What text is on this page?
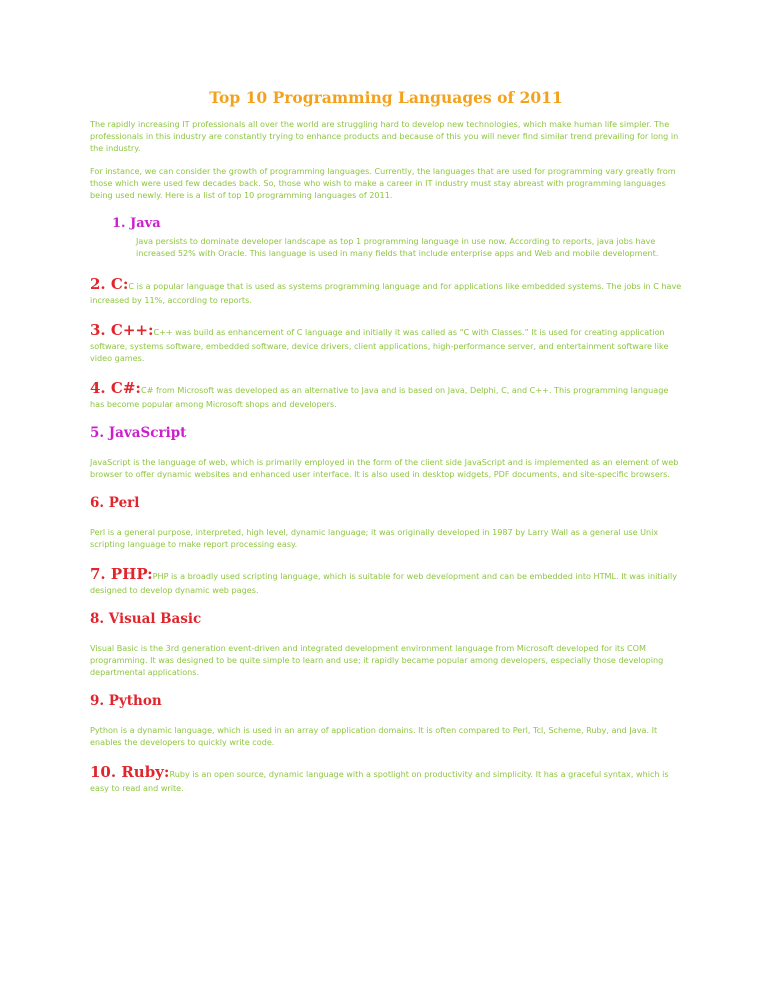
Top 10 Programming Languages of 2011

The rapidly increasing IT professionals all over the world are struggling hard to develop new technologies, which make human life simpler. The professionals in this industry are constantly trying to enhance products and because of this you will never find similar trend prevailing for long in the industry.

For instance, we can consider the growth of programming languages. Currently, the languages that are used for programming vary greatly from those which were used few decades back. So, those who wish to make a career in IT industry must stay abreast with programming languages being used newly. Here is a list of top 10 programming languages of 2011.

1. Java

Java persists to dominate developer landscape as top 1 programming language in use now. According to reports, java jobs have increased 52% with Oracle. This language is used in many fields that include enterprise apps and Web and mobile development.

2. C:C is a popular language that is used as systems programming language and for applications like embedded systems. The jobs in C have increased by 11%, according to reports.
3. C++:C++ was build as enhancement of C language and initially it was called as “C with Classes.” It is used for creating application software, systems software, embedded software, device drivers, client applications, high-performance server, and entertainment software like video games.
4. C#:C# from Microsoft was developed as an alternative to Java and is based on Java, Delphi, C, and C++. This programming language has become popular among Microsoft shops and developers.
5. JavaScript

JavaScript is the language of web, which is primarily employed in the form of the client side JavaScript and is implemented as an element of web browser to offer dynamic websites and enhanced user interface. It is also used in desktop widgets, PDF documents, and site-specific browsers.

6. Perl

Perl is a general purpose, interpreted, high level, dynamic language; it was originally developed in 1987 by Larry Wall as a general use Unix scripting language to make report processing easy.

7. PHP:PHP is a broadly used scripting language, which is suitable for web development and can be embedded into HTML. It was initially designed to develop dynamic web pages.
8. Visual Basic

Visual Basic is the 3rd generation event-driven and integrated development environment language from Microsoft developed for its COM programming. It was designed to be quite simple to learn and use; it rapidly became popular among developers, especially those developing departmental applications.

9. Python

Python is a dynamic language, which is used in an array of application domains. It is often compared to Perl, Tcl, Scheme, Ruby, and Java. It enables the developers to quickly write code.

10. Ruby:Ruby is an open source, dynamic language with a spotlight on productivity and simplicity. It has a graceful syntax, which is easy to read and write.
